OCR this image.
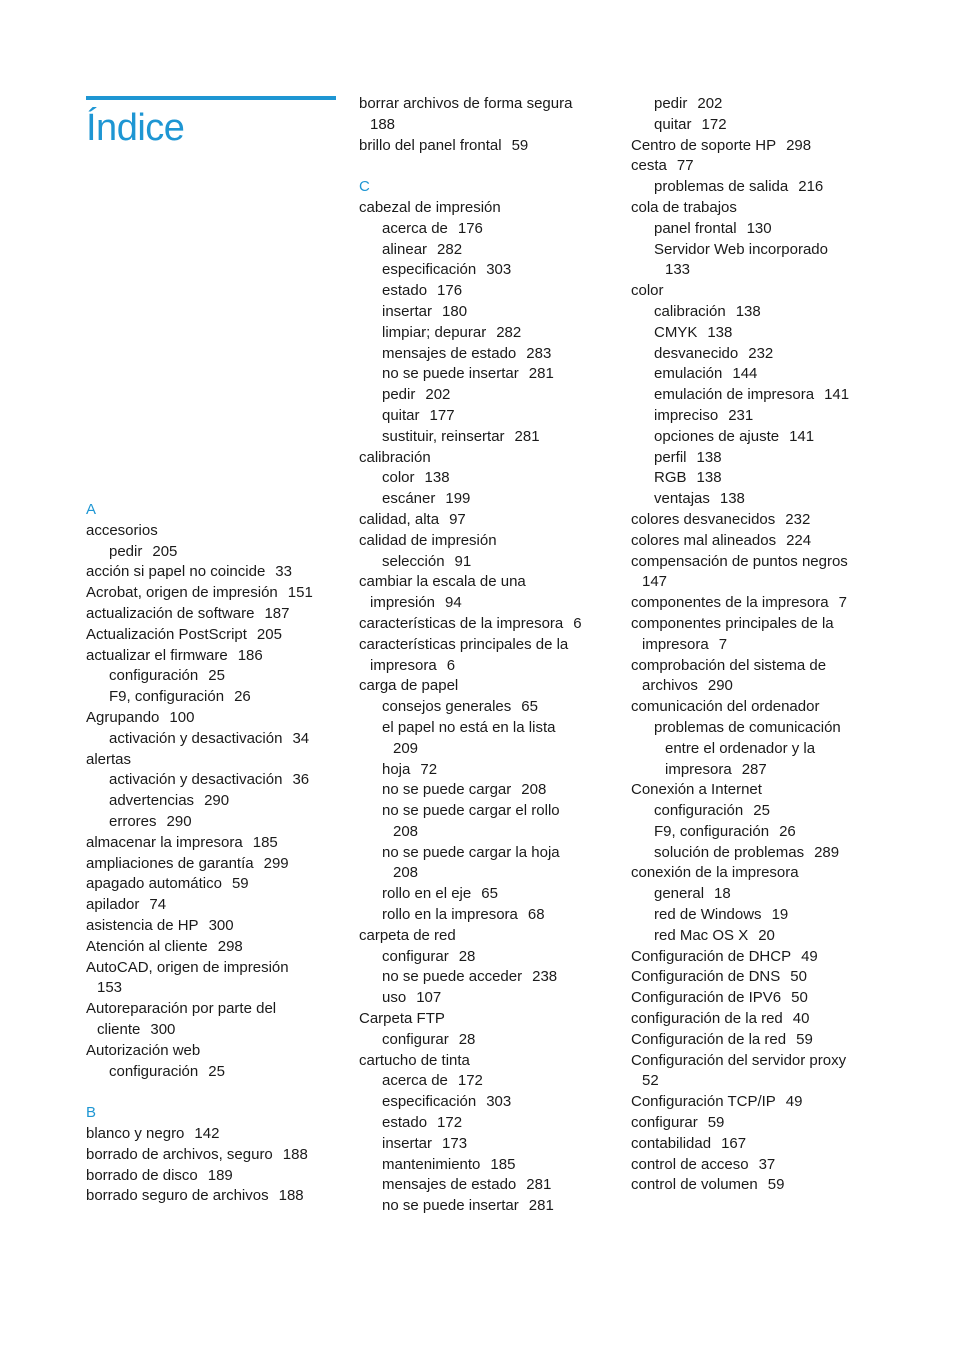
Índice
A
accesorios
pedir 205
acción si papel no coincide 33
Acrobat, origen de impresión 151
actualización de software 187
Actualización PostScript 205
actualizar el firmware 186
configuración 25
F9, configuración 26
Agrupando 100
activación y desactivación 34
alertas
activación y desactivación 36
advertencias 290
errores 290
almacenar la impresora 185
ampliaciones de garantía 299
apagado automático 59
apilador 74
asistencia de HP 300
Atención al cliente 298
AutoCAD, origen de impresión
153
Autoreparación por parte del
cliente 300
Autorización web
configuración 25
B
blanco y negro 142
borrado de archivos, seguro 188
borrado de disco 189
borrado seguro de archivos 188
borrar archivos de forma segura
188
brillo del panel frontal 59
C
cabezal de impresión
acerca de 176
alinear 282
especificación 303
estado 176
insertar 180
limpiar; depurar 282
mensajes de estado 283
no se puede insertar 281
pedir 202
quitar 177
sustituir, reinsertar 281
calibración
color 138
escáner 199
calidad, alta 97
calidad de impresión
selección 91
cambiar la escala de una
impresión 94
características de la impresora 6
características principales de la
impresora 6
carga de papel
consejos generales 65
el papel no está en la lista
209
hoja 72
no se puede cargar 208
no se puede cargar el rollo
208
no se puede cargar la hoja
208
rollo en el eje 65
rollo en la impresora 68
carpeta de red
configurar 28
no se puede acceder 238
uso 107
Carpeta FTP
configurar 28
cartucho de tinta
acerca de 172
especificación 303
estado 172
insertar 173
mantenimiento 185
mensajes de estado 281
no se puede insertar 281
pedir 202
quitar 172
Centro de soporte HP 298
cesta 77
problemas de salida 216
cola de trabajos
panel frontal 130
Servidor Web incorporado
133
color
calibración 138
CMYK 138
desvanecido 232
emulación 144
emulación de impresora 141
impreciso 231
opciones de ajuste 141
perfil 138
RGB 138
ventajas 138
colores desvanecidos 232
colores mal alineados 224
compensación de puntos negros
147
componentes de la impresora 7
componentes principales de la
impresora 7
comprobación del sistema de
archivos 290
comunicación del ordenador
problemas de comunicación
entre el ordenador y la
impresora 287
Conexión a Internet
configuración 25
F9, configuración 26
solución de problemas 289
conexión de la impresora
general 18
red de Windows 19
red Mac OS X 20
Configuración de DHCP 49
Configuración de DNS 50
Configuración de IPV6 50
configuración de la red 40
Configuración de la red 59
Configuración del servidor proxy
52
Configuración TCP/IP 49
configurar 59
contabilidad 167
control de acceso 37
control de volumen 59
